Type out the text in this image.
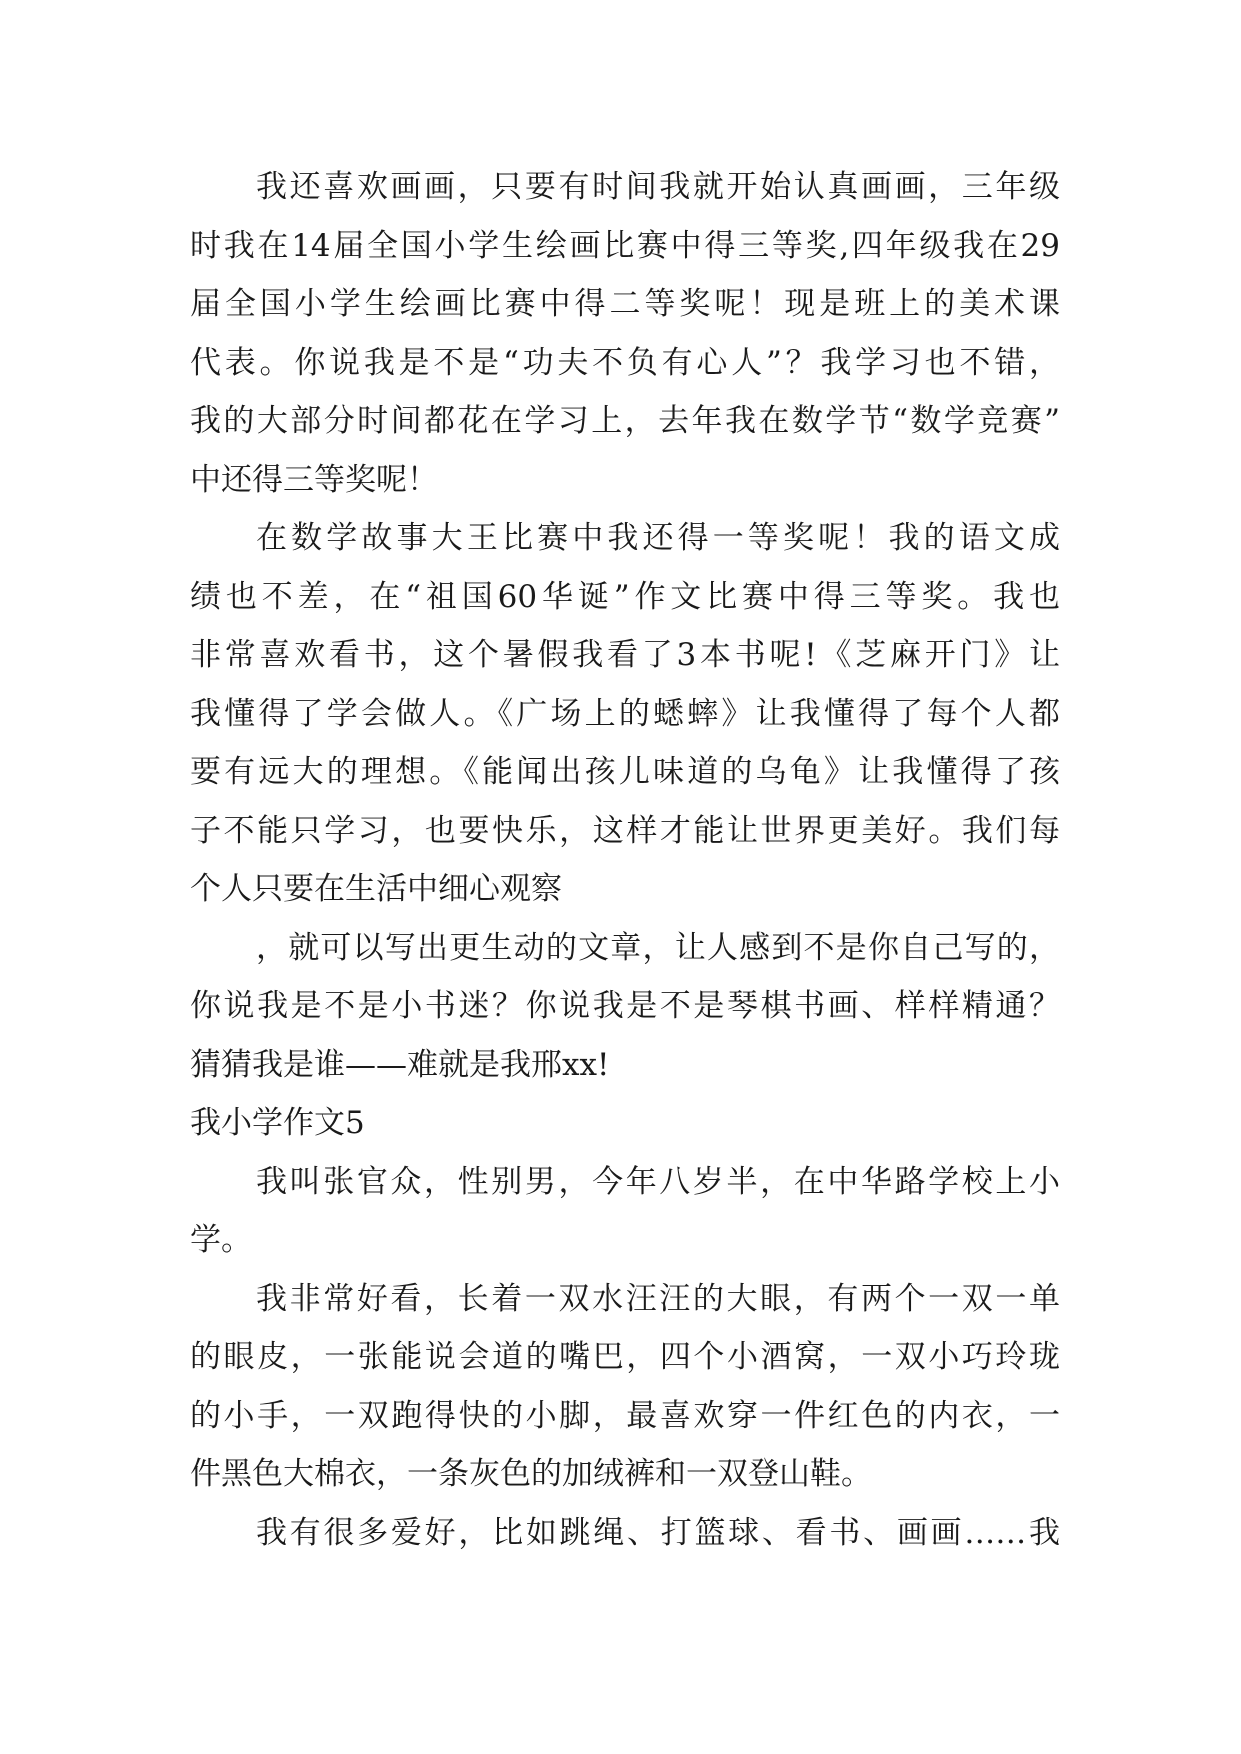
我还喜欢画画，只要有时间我就开始认真画画，三年级
时我在14届全国小学生绘画比赛中得三等奖,四年级我在29
届全国小学生绘画比赛中得二等奖呢！现是班上的美术课
代表。你说我是不是“功夫不负有心人”？我学习也不错，
我的大部分时间都花在学习上，去年我在数学节“数学竞赛”
中还得三等奖呢！
在数学故事大王比赛中我还得一等奖呢！我的语文成
绩也不差，在“祖国60华诞”作文比赛中得三等奖。我也
非常喜欢看书，这个暑假我看了3本书呢!《芝麻开门》让
我懂得了学会做人。《广场上的蟋蟀》让我懂得了每个人都
要有远大的理想。《能闻出孩儿味道的乌龟》让我懂得了孩
子不能只学习，也要快乐，这样才能让世界更美好。我们每
个人只要在生活中细心观察
，就可以写出更生动的文章，让人感到不是你自己写的，
你说我是不是小书迷？你说我是不是琴棋书画、样样精通？
猜猜我是谁——难就是我邢xx!
我小学作文5
我叫张官众，性别男，今年八岁半，在中华路学校上小
学。
我非常好看，长着一双水汪汪的大眼，有两个一双一单
的眼皮，一张能说会道的嘴巴，四个小酒窝，一双小巧玲珑
的小手，一双跑得快的小脚，最喜欢穿一件红色的内衣，一
件黑色大棉衣，一条灰色的加绒裤和一双登山鞋。
我有很多爱好，比如跳绳、打篮球、看书、画画……我
